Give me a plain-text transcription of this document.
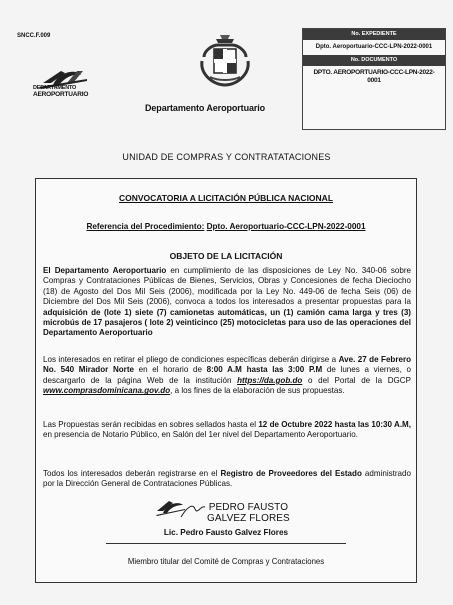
SNCC.F.009
DEPARTAMENTO
AEROPORTUARIO
Departamento Aeroportuario
No. EXPEDIENTE
Dpto. Aeroportuario-CCC-LPN-2022-0001
No. DOCUMENTO
DPTO. AEROPORTUARIO-CCC-LPN-2022-0001
UNIDAD DE COMPRAS Y CONTRATATACIONES
CONVOCATORIA A LICITACIÓN PÚBLICA NACIONAL
Referencia del Procedimiento: Dpto. Aeroportuario-CCC-LPN-2022-0001
OBJETO DE LA LICITACIÓN
El Departamento Aeroportuario en cumplimiento de las disposiciones de Ley No. 340-06 sobre Compras y Contrataciones Públicas de Bienes, Servicios, Obras y Concesiones de fecha Dieciocho (18) de Agosto del Dos Mil Seis (2006), modificada por la Ley No. 449-06 de fecha Seis (06) de Diciembre del Dos Mil Seis (2006), convoca a todos los interesados a presentar propuestas para la adquisición de (lote 1) siete (7) camionetas automáticas, un (1) camión cama larga y tres (3) microbús de 17 pasajeros ( lote 2) veinticinco (25) motocicletas para uso de las operaciones del Departamento Aeroportuario
Los interesados en retirar el pliego de condiciones específicas deberán dirigirse a Ave. 27 de Febrero No. 540 Mirador Norte en el horario de 8:00 A.M hasta las 3:00 P.M de lunes a viernes, o descargarlo de la página Web de la institución https://da.gob.do o del Portal de la DGCP www.comprasdominicana.gov.do, a los fines de la elaboración de sus propuestas.
Las Propuestas serán recibidas en sobres sellados hasta el 12 de Octubre 2022 hasta las 10:30 A.M, en presencia de Notario Público, en Salón del 1er nivel del Departamento Aeroportuario.
Todos los interesados deberán registrarse en el Registro de Proveedores del Estado administrado por la Dirección General de Contrataciones Públicas.
PEDRO FAUSTO
GALVEZ FLORES
Lic. Pedro Fausto Galvez Flores
Miembro titular del Comité de Compras y Contrataciones
